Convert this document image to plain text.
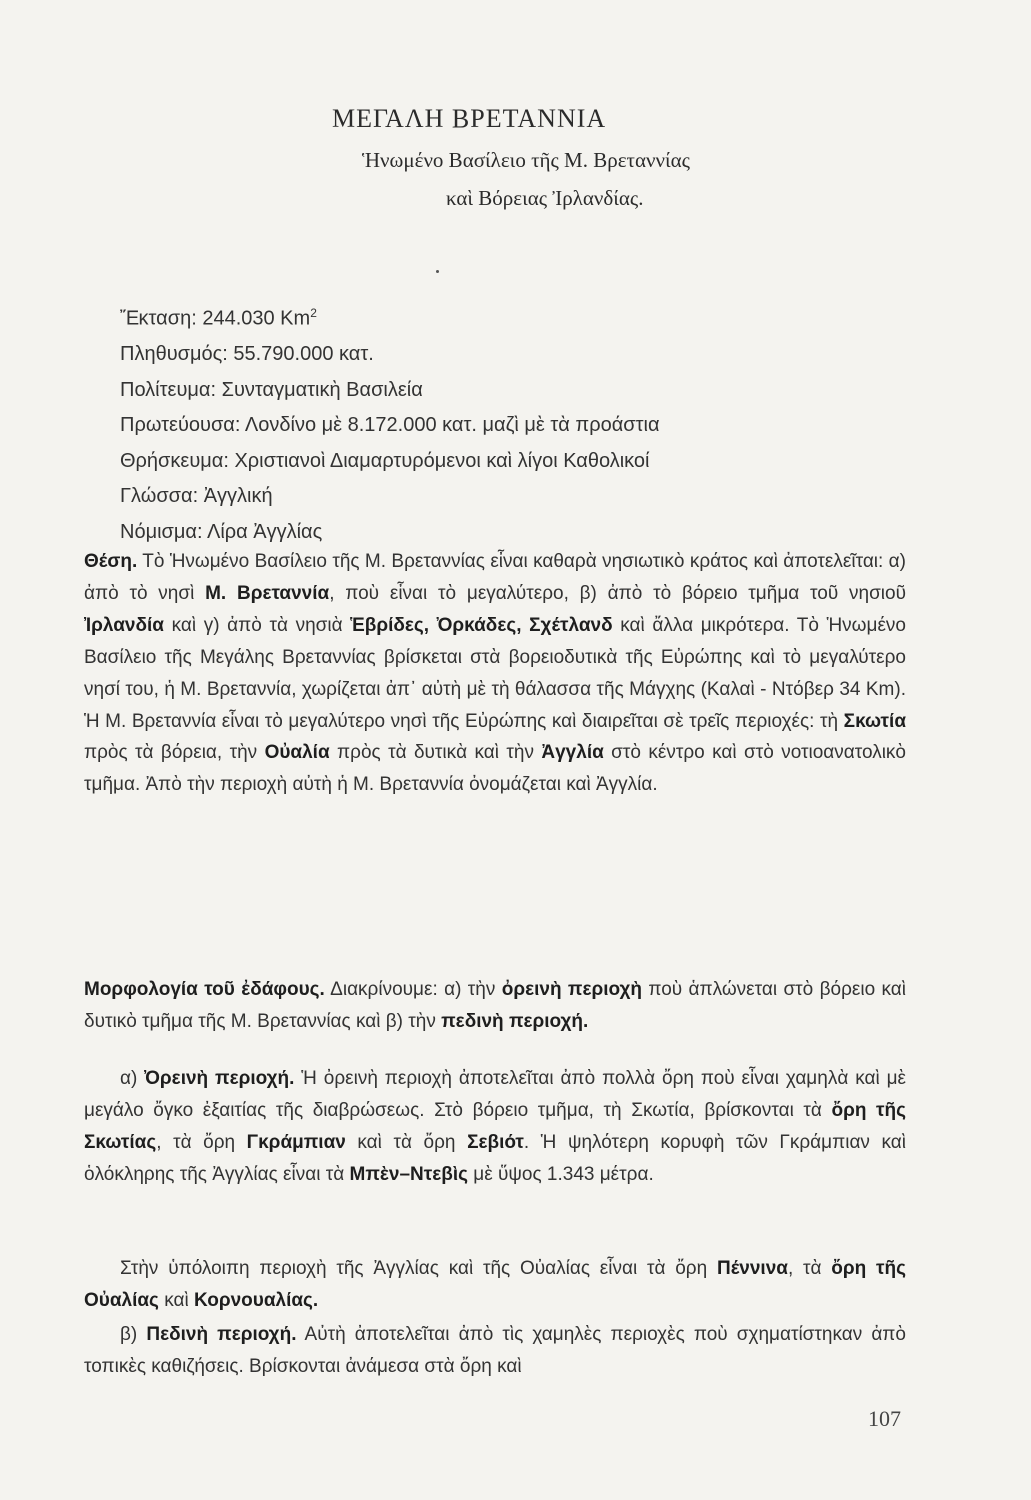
ΜΕΓΑΛΗ ΒΡΕΤΑΝΝΙΑ

Ἡνωμένο Βασίλειο τῆς Μ. Βρεταννίας

καὶ Βόρειας Ἰρλανδίας.

Ἔκταση: 244.030 Km$^2$
Πληθυσμός: 55.790.000 κατ.
Πολίτευμα: Συνταγματικὴ Βασιλεία
Πρωτεύουσα: Λονδίνο μὲ 8.172.000 κατ. μαζὶ μὲ τὰ προάστια
Θρήσκευμα: Χριστιανοὶ Διαμαρτυρόμενοι καὶ λίγοι Καθολικοί
Γλώσσα: Ἀγγλική
Νόμισμα: Λίρα Ἀγγλίας

Θέση. Τὸ Ἡνωμένο Βασίλειο τῆς Μ. Βρεταννίας εἶναι καθαρὰ νησιωτικὸ κράτος καὶ ἀποτελεῖται: α) ἀπὸ τὸ νησὶ Μ. Βρεταννία, ποὺ εἶναι τὸ μεγαλύτερο, β) ἀπὸ τὸ βόρειο τμῆμα τοῦ νησιοῦ Ἰρλανδία καὶ γ) ἀπὸ τὰ νησιὰ Ἑβρίδες, Ὀρκάδες, Σχέτλανδ καὶ ἄλλα μικρότερα. Τὸ Ἡνωμένο Βασίλειο τῆς Μεγάλης Βρεταννίας βρίσκεται στὰ βορειοδυτικὰ τῆς Εὐρώπης καὶ τὸ μεγαλύτερο νησί του, ἡ Μ. Βρεταννία, χωρίζεται ἀπ᾽ αὐτὴ μὲ τὴ θάλασσα τῆς Μάγχης (Καλαὶ - Ντόβερ 34 Km). Ἡ Μ. Βρεταννία εἶναι τὸ μεγαλύτερο νησὶ τῆς Εὐρώπης καὶ διαιρεῖται σὲ τρεῖς περιοχές: τὴ Σκωτία πρὸς τὰ βόρεια, τὴν Οὐαλία πρὸς τὰ δυτικὰ καὶ τὴν Ἀγγλία στὸ κέντρο καὶ στὸ νοτιοανατολικὸ τμῆμα. Ἀπὸ τὴν περιοχὴ αὐτὴ ἡ Μ. Βρεταννία ὀνομάζεται καὶ Ἀγγλία.

Μορφολογία τοῦ ἐδάφους. Διακρίνουμε: α) τὴν ὀρεινὴ περιοχὴ ποὺ ἁπλώνεται στὸ βόρειο καὶ δυτικὸ τμῆμα τῆς Μ. Βρεταννίας καὶ β) τὴν πεδινὴ περιοχή.

α) Ὀρεινὴ περιοχή. Ἡ ὀρεινὴ περιοχὴ ἀποτελεῖται ἀπὸ πολλὰ ὄρη ποὺ εἶναι χαμηλὰ καὶ μὲ μεγάλο ὄγκο ἐξαιτίας τῆς διαβρώσεως. Στὸ βόρειο τμῆμα, τὴ Σκωτία, βρίσκονται τὰ ὄρη τῆς Σκωτίας, τὰ ὄρη Γκράμπιαν καὶ τὰ ὄρη Σεβιότ. Ἡ ψηλότερη κορυφὴ τῶν Γκράμπιαν καὶ ὁλόκληρης τῆς Ἀγγλίας εἶναι τὰ Μπὲν–Ντεβὶς μὲ ὕψος 1.343 μέτρα.

Στὴν ὑπόλοιπη περιοχὴ τῆς Ἀγγλίας καὶ τῆς Οὐαλίας εἶναι τὰ ὄρη Πέννινα, τὰ ὄρη τῆς Οὐαλίας καὶ Κορνουαλίας.

β) Πεδινὴ περιοχή. Αὐτὴ ἀποτελεῖται ἀπὸ τὶς χαμηλὲς περιοχὲς ποὺ σχηματίστηκαν ἀπὸ τοπικὲς καθιζήσεις. Βρίσκονται ἀνάμεσα στὰ ὄρη καὶ

107
